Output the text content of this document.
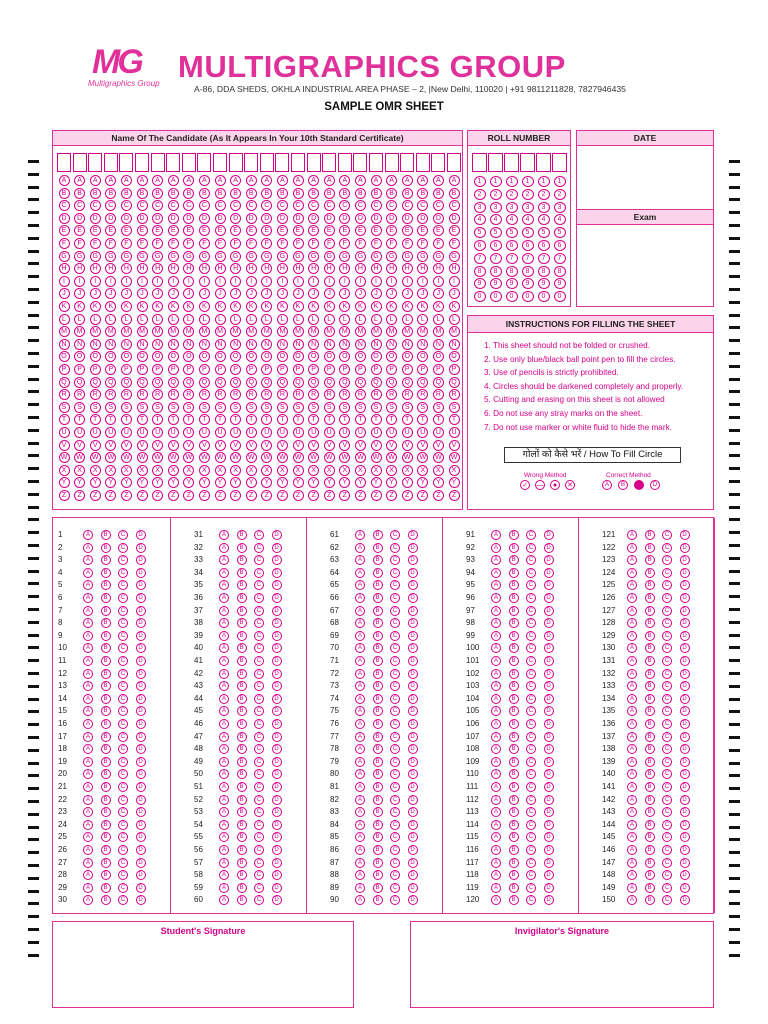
MG
Multigraphics Group MULTIGRAPHICS GROUP
A-86, DDA SHEDS, OKHLA INDUSTRIAL AREA PHASE – 2, |New Delhi, 110020 | +91 9811211828, 7827946435
SAMPLE OMR SHEET
Name Of The Candidate (As It Appears In Your 10th Standard Certificate)
A
B
C
D
E
F
G
H
I
J
K
L
M
N
O
P
Q
R
S
T
U
V
W
X
Y
Z
A
B
C
D
E
F
G
H
I
J
K
L
M
N
O
P
Q
R
S
T
U
V
W
X
Y
Z
A
B
C
D
E
F
G
H
I
J
K
L
M
N
O
P
Q
R
S
T
U
V
W
X
Y
Z
A
B
C
D
E
F
G
H
I
J
K
L
M
N
O
P
Q
R
S
T
U
V
W
X
Y
Z
A
B
C
D
E
F
G
H
I
J
K
L
M
N
O
P
Q
R
S
T
U
V
W
X
Y
Z
A
B
C
D
E
F
G
H
I
J
K
L
M
N
O
P
Q
R
S
T
U
V
W
X
Y
Z
A
B
C
D
E
F
G
H
I
J
K
L
M
N
O
P
Q
R
S
T
U
V
W
X
Y
Z
A
B
C
D
E
F
G
H
I
J
K
L
M
N
O
P
Q
R
S
T
U
V
W
X
Y
Z
A
B
C
D
E
F
G
H
I
J
K
L
M
N
O
P
Q
R
S
T
U
V
W
X
Y
Z
A
B
C
D
E
F
G
H
I
J
K
L
M
N
O
P
Q
R
S
T
U
V
W
X
Y
Z
A
B
C
D
E
F
G
H
I
J
K
L
M
N
O
P
Q
R
S
T
U
V
W
X
Y
Z
A
B
C
D
E
F
G
H
I
J
K
L
M
N
O
P
Q
R
S
T
U
V
W
X
Y
Z
A
B
C
D
E
F
G
H
I
J
K
L
M
N
O
P
Q
R
S
T
U
V
W
X
Y
Z
A
B
C
D
E
F
G
H
I
J
K
L
M
N
O
P
Q
R
S
T
U
V
W
X
Y
Z
A
B
C
D
E
F
G
H
I
J
K
L
M
N
O
P
Q
R
S
T
U
V
W
X
Y
Z
A
B
C
D
E
F
G
H
I
J
K
L
M
N
O
P
Q
R
S
T
U
V
W
X
Y
Z
A
B
C
D
E
F
G
H
I
J
K
L
M
N
O
P
Q
R
S
T
U
V
W
X
Y
Z
A
B
C
D
E
F
G
H
I
J
K
L
M
N
O
P
Q
R
S
T
U
V
W
X
Y
Z
A
B
C
D
E
F
G
H
I
J
K
L
M
N
O
P
Q
R
S
T
U
V
W
X
Y
Z
A
B
C
D
E
F
G
H
I
J
K
L
M
N
O
P
Q
R
S
T
U
V
W
X
Y
Z
A
B
C
D
E
F
G
H
I
J
K
L
M
N
O
P
Q
R
S
T
U
V
W
X
Y
Z
A
B
C
D
E
F
G
H
I
J
K
L
M
N
O
P
Q
R
S
T
U
V
W
X
Y
Z
A
B
C
D
E
F
G
H
I
J
K
L
M
N
O
P
Q
R
S
T
U
V
W
X
Y
Z
A
B
C
D
E
F
G
H
I
J
K
L
M
N
O
P
Q
R
S
T
U
V
W
X
Y
Z
A
B
C
D
E
F
G
H
I
J
K
L
M
N
O
P
Q
R
S
T
U
V
W
X
Y
Z
A
B
C
D
E
F
G
H
I
J
K
L
M
N
O
P
Q
R
S
T
U
V
W
X
Y
Z
ROLL NUMBER
1
2
3
4
5
6
7
8
9
0
1
2
3
4
5
6
7
8
9
0
1
2
3
4
5
6
7
8
9
0
1
2
3
4
5
6
7
8
9
0
1
2
3
4
5
6
7
8
9
0
1
2
3
4
5
6
7
8
9
0
DATE
Exam
INSTRUCTIONS FOR FILLING THE SHEET
1. This sheet should not be folded or crushed.
2. Use only blue/black ball point pen to fill the circles.
3. Use of pencils is strictly prohibited.
4. Circles should be darkened completely and properly.
5. Cutting and erasing on this sheet is not allowed
6. Do not use any stray marks on the sheet.
7. Do not use marker or white fluid to hide the mark.
गोलों को कैसे भरें / How To Fill Circle
Wrong Method	Correct Method
✓ —	●	✕	A	B	D
1	A	B	C	D
2	A	B	C	D
3	A	B	C	D
4	A	B	C	D
5	A	B	C	D
6	A	B	C	D
7	A	B	C	D
8	A	B	C	D
9	A	B	C	D
10	A	B	C	D
11	A	B	C	D
12	A	B	C	D
13	A	B	C	D
14	A	B	C	D
15	A	B	C	D
16	A	B	C	D
17	A	B	C	D
18	A	B	C	D
19	A	B	C	D
20	A	B	C	D
21	A	B	C	D
22	A	B	C	D
23	A	B	C	D
24	A	B	C	D
25	A	B	C	D
26	A	B	C	D
27	A	B	C	D
28	A	B	C	D
29	A	B	C	D
30	A	B	C	D
31	A	B	C	D
32	A	B	C	D
33	A	B	C	D
34	A	B	C	D
35	A	B	C	D
36	A	B	C	D
37	A	B	C	D
38	A	B	C	D
39	A	B	C	D
40	A	B	C	D
41	A	B	C	D
42	A	B	C	D
43	A	B	C	D
44	A	B	C	D
45	A	B	C	D
46	A	B	C	D
47	A	B	C	D
48	A	B	C	D
49	A	B	C	D
50	A	B	C	D
51	A	B	C	D
52	A	B	C	D
53	A	B	C	D
54	A	B	C	D
55	A	B	C	D
56	A	B	C	D
57	A	B	C	D
58	A	B	C	D
59	A	B	C	D
60	A	B	C	D
61	A	B	C	D
62	A	B	C	D
63	A	B	C	D
64	A	B	C	D
65	A	B	C	D
66	A	B	C	D
67	A	B	C	D
68	A	B	C	D
69	A	B	C	D
70	A	B	C	D
71	A	B	C	D
72	A	B	C	D
73	A	B	C	D
74	A	B	C	D
75	A	B	C	D
76	A	B	C	D
77	A	B	C	D
78	A	B	C	D
79	A	B	C	D
80	A	B	C	D
81	A	B	C	D
82	A	B	C	D
83	A	B	C	D
84	A	B	C	D
85	A	B	C	D
86	A	B	C	D
87	A	B	C	D
88	A	B	C	D
89	A	B	C	D
90	A	B	C	D
91	A	B	C	D
92	A	B	C	D
93	A	B	C	D
94	A	B	C	D
95	A	B	C	D
96	A	B	C	D
97	A	B	C	D
98	A	B	C	D
99	A	B	C	D
100	A	B	C	D
101	A	B	C	D
102	A	B	C	D
103	A	B	C	D
104	A	B	C	D
105	A	B	C	D
106	A	B	C	D
107	A	B	C	D
108	A	B	C	D
109	A	B	C	D
110	A	B	C	D
111	A	B	C	D
112	A	B	C	D
113	A	B	C	D
114	A	B	C	D
115	A	B	C	D
116	A	B	C	D
117	A	B	C	D
118	A	B	C	D
119	A	B	C	D
120	A	B	C	D
121	A	B	C	D
122	A	B	C	D
123	A	B	C	D
124	A	B	C	D
125	A	B	C	D
126	A	B	C	D
127	A	B	C	D
128	A	B	C	D
129	A	B	C	D
130	A	B	C	D
131	A	B	C	D
132	A	B	C	D
133	A	B	C	D
134	A	B	C	D
135	A	B	C	D
136	A	B	C	D
137	A	B	C	D
138	A	B	C	D
139	A	B	C	D
140	A	B	C	D
141	A	B	C	D
142	A	B	C	D
143	A	B	C	D
144	A	B	C	D
145	A	B	C	D
146	A	B	C	D
147	A	B	C	D
148	A	B	C	D
149	A	B	C	D
150	A	B	C	D
Student's Signature	Invigilator's Signature
